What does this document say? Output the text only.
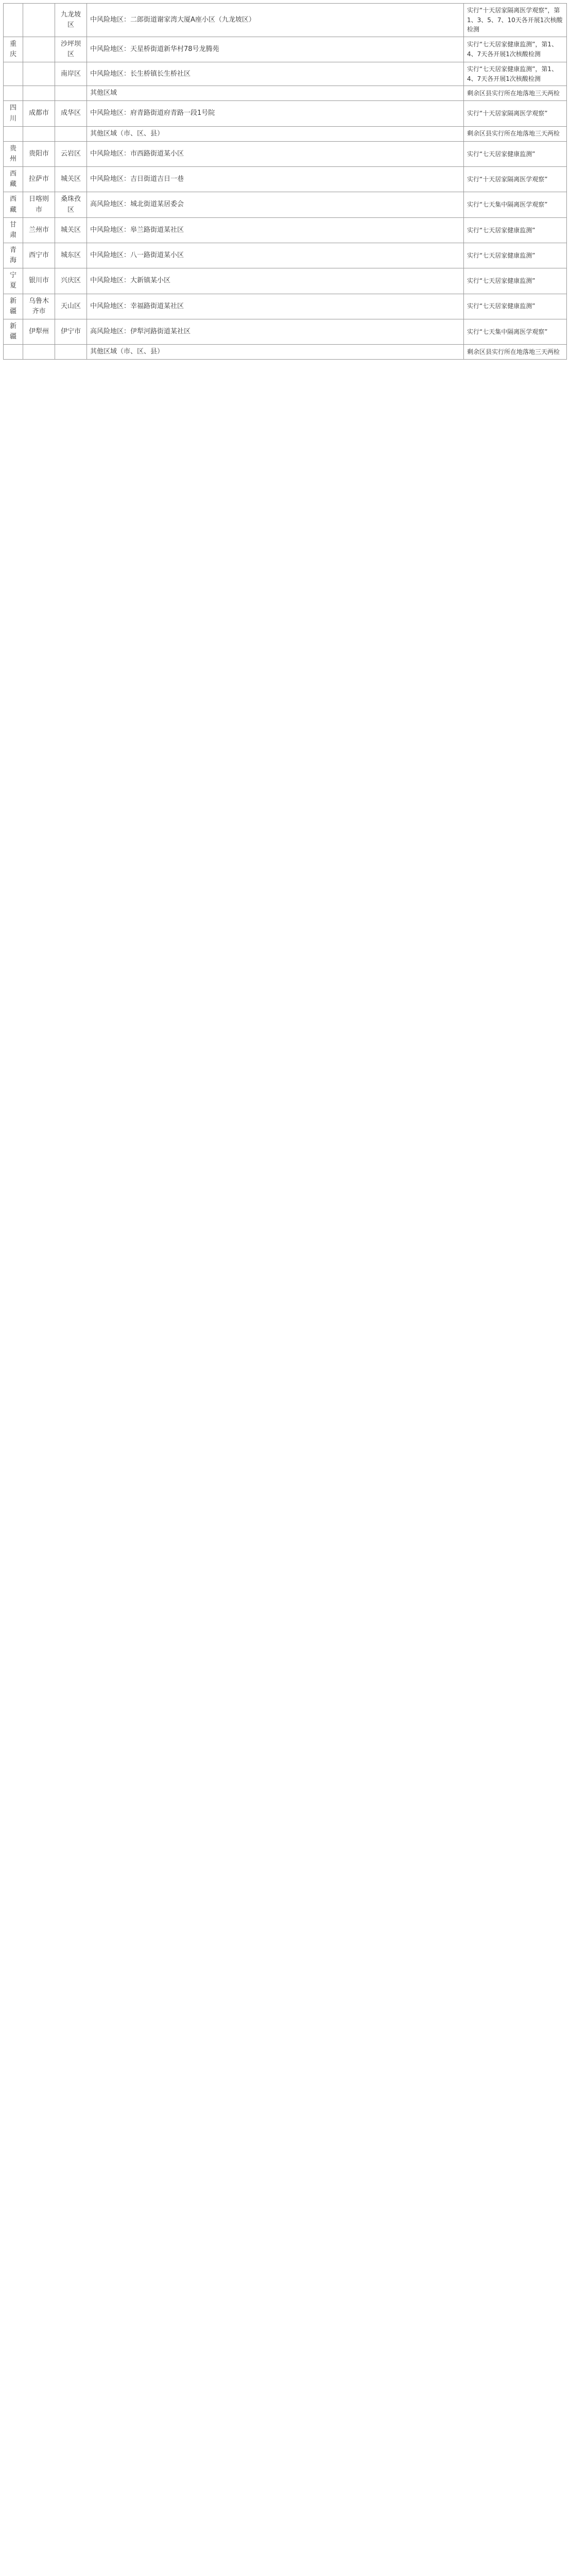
		九龙坡区	中风险地区：二郎街道谢家湾大厦A座小区（九龙坡区）	实行“十天居家隔离医学观察”，第1、3、5、7、10天各开展1次核酸检测
重庆		沙坪坝区	中风险地区：天星桥街道新华村78号龙腾苑	实行“七天居家健康监测”，第1、4、7天各开展1次核酸检测
		南岸区	中风险地区：长生桥镇长生桥社区	实行“七天居家健康监测”，第1、4、7天各开展1次核酸检测
			其他区域	剩余区县实行所在地落地三天两检
四川	成都市	成华区	中风险地区：府青路街道府青路一段1号院	实行“十天居家隔离医学观察”
			其他区域（市、区、县）	剩余区县实行所在地落地三天两检
贵州	贵阳市	云岩区	中风险地区：市西路街道某小区	实行“七天居家健康监测”
西藏	拉萨市	城关区	中风险地区：吉日街道吉日一巷	实行“十天居家隔离医学观察”
西藏	日喀则市	桑珠孜区	高风险地区：城北街道某居委会	实行“七天集中隔离医学观察”
甘肃	兰州市	城关区	中风险地区：皋兰路街道某社区	实行“七天居家健康监测”
青海	西宁市	城东区	中风险地区：八一路街道某小区	实行“七天居家健康监测”
宁夏	银川市	兴庆区	中风险地区：大新镇某小区	实行“七天居家健康监测”
新疆	乌鲁木齐市	天山区	中风险地区：幸福路街道某社区	实行“七天居家健康监测”
新疆	伊犁州	伊宁市	高风险地区：伊犁河路街道某社区	实行“七天集中隔离医学观察”
			其他区域（市、区、县）	剩余区县实行所在地落地三天两检
